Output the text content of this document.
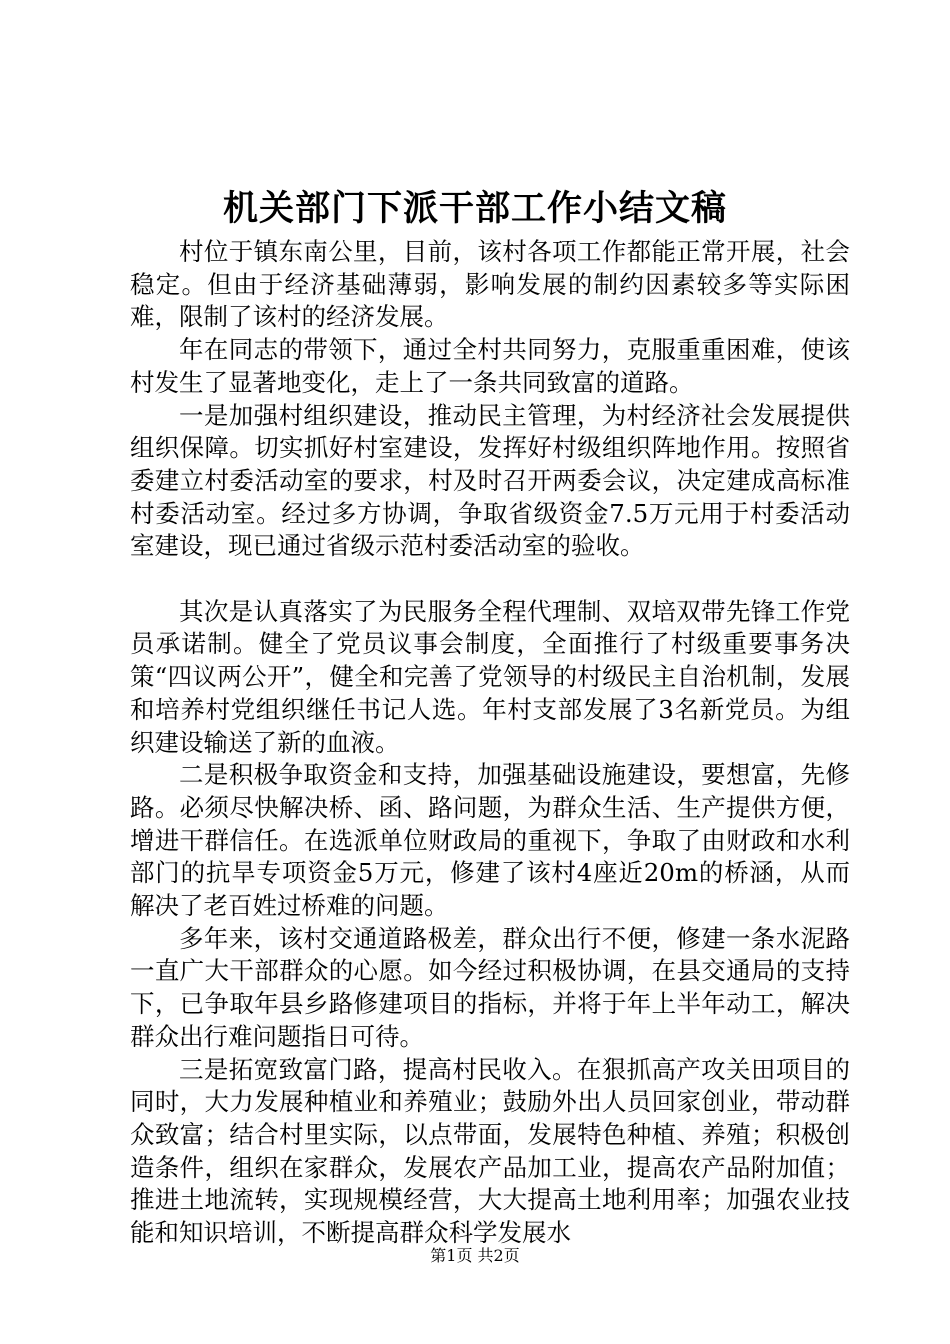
机关部门下派干部工作小结文稿

村位于镇东南公里，目前，该村各项工作都能正常开展，社会稳定。但由于经济基础薄弱，影响发展的制约因素较多等实际困难，限制了该村的经济发展。

年在同志的带领下，通过全村共同努力，克服重重困难，使该村发生了显著地变化，走上了一条共同致富的道路。

一是加强村组织建设，推动民主管理，为村经济社会发展提供组织保障。切实抓好村室建设，发挥好村级组织阵地作用。按照省委建立村委活动室的要求，村及时召开两委会议，决定建成高标准村委活动室。经过多方协调，争取省级资金7.5万元用于村委活动室建设，现已通过省级示范村委活动室的验收。

其次是认真落实了为民服务全程代理制、双培双带先锋工作党员承诺制。健全了党员议事会制度，全面推行了村级重要事务决策“四议两公开”，健全和完善了党领导的村级民主自治机制，发展和培养村党组织继任书记人选。年村支部发展了3名新党员。为组织建设输送了新的血液。

二是积极争取资金和支持，加强基础设施建设，要想富，先修路。必须尽快解决桥、函、路问题，为群众生活、生产提供方便，增进干群信任。在选派单位财政局的重视下，争取了由财政和水利部门的抗旱专项资金5万元，修建了该村4座近20m的桥涵，从而解决了老百姓过桥难的问题。

多年来，该村交通道路极差，群众出行不便，修建一条水泥路一直广大干部群众的心愿。如今经过积极协调，在县交通局的支持下，已争取年县乡路修建项目的指标，并将于年上半年动工，解决群众出行难问题指日可待。

三是拓宽致富门路，提高村民收入。在狠抓高产攻关田项目的同时，大力发展种植业和养殖业；鼓励外出人员回家创业，带动群众致富；结合村里实际，以点带面，发展特色种植、养殖；积极创造条件，组织在家群众，发展农产品加工业，提高农产品附加值；推进土地流转，实现规模经营，大大提高土地利用率；加强农业技能和知识培训，不断提高群众科学发展水

第1页 共2页
